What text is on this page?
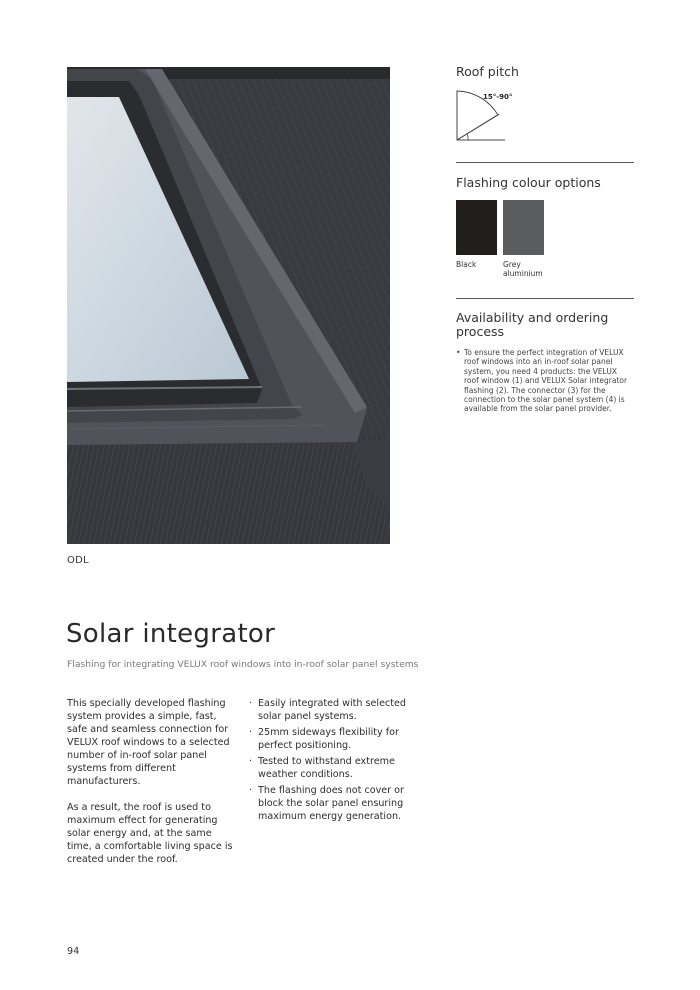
ODL
Roof pitch
15°-90°
Flashing colour options
Black	Grey aluminium
Availability and ordering process
• To ensure the perfect integration of VELUX roof windows into an in-roof solar panel system, you need 4 products: the VELUX roof window (1) and VELUX Solar integrator flashing (2). The connector (3) for the connection to the solar panel system (4) is available from the solar panel provider.
Solar integrator
Flashing for integrating VELUX roof windows into in-roof solar panel systems

This specially developed flashing system provides a simple, fast, safe and seamless connection for VELUX roof windows to a selected number of in-roof solar panel systems from different manufacturers.

As a result, the roof is used to maximum effect for generating solar energy and, at the same time, a comfortable living space is created under the roof.

· Easily integrated with selected solar panel systems.
· 25mm sideways flexibility for perfect positioning.
· Tested to withstand extreme weather conditions.
· The flashing does not cover or block the solar panel ensuring maximum energy generation.
94
